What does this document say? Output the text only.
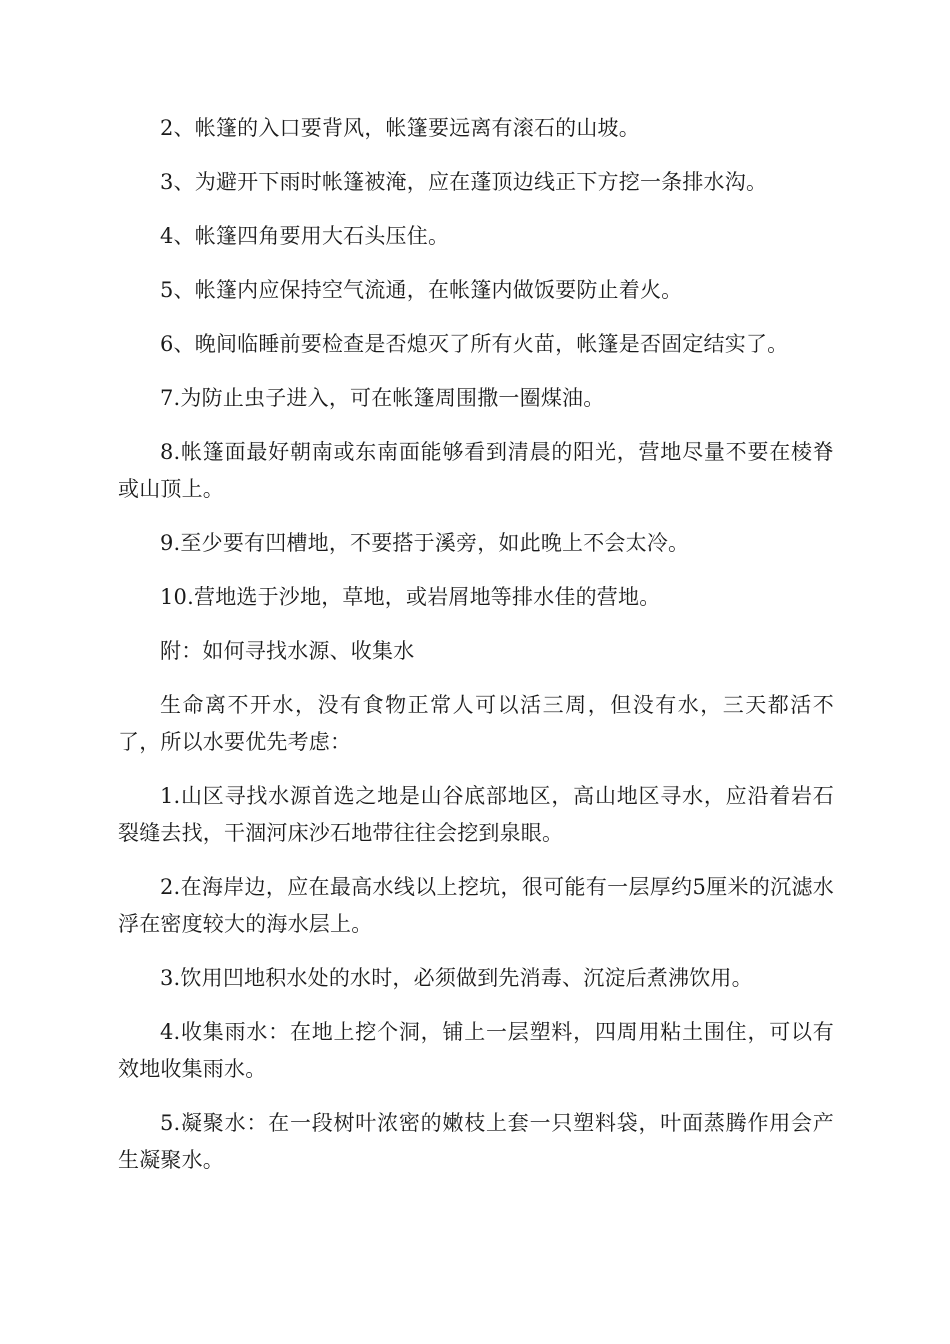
2、帐篷的入口要背风，帐篷要远离有滚石的山坡。

3、为避开下雨时帐篷被淹，应在蓬顶边线正下方挖一条排水沟。

4、帐篷四角要用大石头压住。

5、帐篷内应保持空气流通，在帐篷内做饭要防止着火。

6、晚间临睡前要检查是否熄灭了所有火苗，帐篷是否固定结实了。

7.为防止虫子进入，可在帐篷周围撒一圈煤油。

8.帐篷面最好朝南或东南面能够看到清晨的阳光，营地尽量不要在棱脊或山顶上。

9.至少要有凹槽地，不要搭于溪旁，如此晚上不会太冷。

10.营地选于沙地，草地，或岩屑地等排水佳的营地。

附：如何寻找水源、收集水

生命离不开水，没有食物正常人可以活三周，但没有水，三天都活不了，所以水要优先考虑：

1.山区寻找水源首选之地是山谷底部地区，高山地区寻水，应沿着岩石裂缝去找，干涸河床沙石地带往往会挖到泉眼。

2.在海岸边，应在最高水线以上挖坑，很可能有一层厚约5厘米的沉滤水浮在密度较大的海水层上。

3.饮用凹地积水处的水时，必须做到先消毒、沉淀后煮沸饮用。

4.收集雨水：在地上挖个洞，铺上一层塑料，四周用粘土围住，可以有效地收集雨水。

5.凝聚水：在一段树叶浓密的嫩枝上套一只塑料袋，叶面蒸腾作用会产生凝聚水。
